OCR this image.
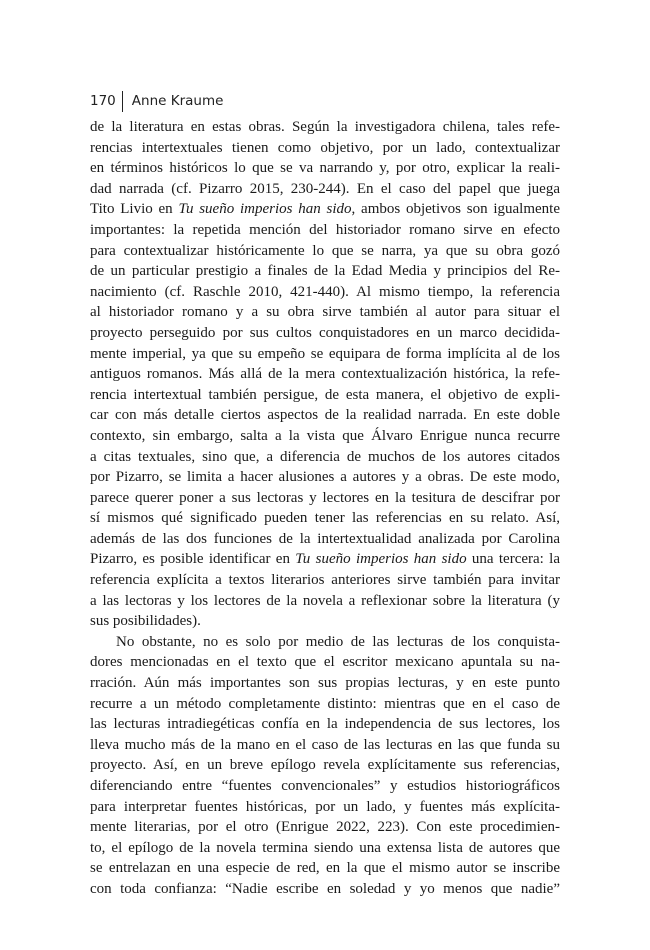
170	Anne Kraume
de la literatura en estas obras. Según la investigadora chilena, tales refe-
rencias intertextuales tienen como objetivo, por un lado, contextualizar
en términos históricos lo que se va narrando y, por otro, explicar la reali-
dad narrada (cf. Pizarro 2015, 230-244). En el caso del papel que juega
Tito Livio en Tu sueño imperios han sido, ambos objetivos son igualmente
importantes: la repetida mención del historiador romano sirve en efecto
para contextualizar históricamente lo que se narra, ya que su obra gozó
de un particular prestigio a finales de la Edad Media y principios del Re-
nacimiento (cf. Raschle 2010, 421-440). Al mismo tiempo, la referencia
al historiador romano y a su obra sirve también al autor para situar el
proyecto perseguido por sus cultos conquistadores en un marco decidida-
mente imperial, ya que su empeño se equipara de forma implícita al de los
antiguos romanos. Más allá de la mera contextualización histórica, la refe-
rencia intertextual también persigue, de esta manera, el objetivo de expli-
car con más detalle ciertos aspectos de la realidad narrada. En este doble
contexto, sin embargo, salta a la vista que Álvaro Enrigue nunca recurre
a citas textuales, sino que, a diferencia de muchos de los autores citados
por Pizarro, se limita a hacer alusiones a autores y a obras. De este modo,
parece querer poner a sus lectoras y lectores en la tesitura de descifrar por
sí mismos qué significado pueden tener las referencias en su relato. Así,
además de las dos funciones de la intertextualidad analizada por Carolina
Pizarro, es posible identificar en Tu sueño imperios han sido una tercera: la
referencia explícita a textos literarios anteriores sirve también para invitar
a las lectoras y los lectores de la novela a reflexionar sobre la literatura (y
sus posibilidades).
No obstante, no es solo por medio de las lecturas de los conquista-
dores mencionadas en el texto que el escritor mexicano apuntala su na-
rración. Aún más importantes son sus propias lecturas, y en este punto
recurre a un método completamente distinto: mientras que en el caso de
las lecturas intradiegéticas confía en la independencia de sus lectores, los
lleva mucho más de la mano en el caso de las lecturas en las que funda su
proyecto. Así, en un breve epílogo revela explícitamente sus referencias,
diferenciando entre “fuentes convencionales” y estudios historiográficos
para interpretar fuentes históricas, por un lado, y fuentes más explícita-
mente literarias, por el otro (Enrigue 2022, 223). Con este procedimien-
to, el epílogo de la novela termina siendo una extensa lista de autores que
se entrelazan en una especie de red, en la que el mismo autor se inscribe
con toda confianza: “Nadie escribe en soledad y yo menos que nadie”
